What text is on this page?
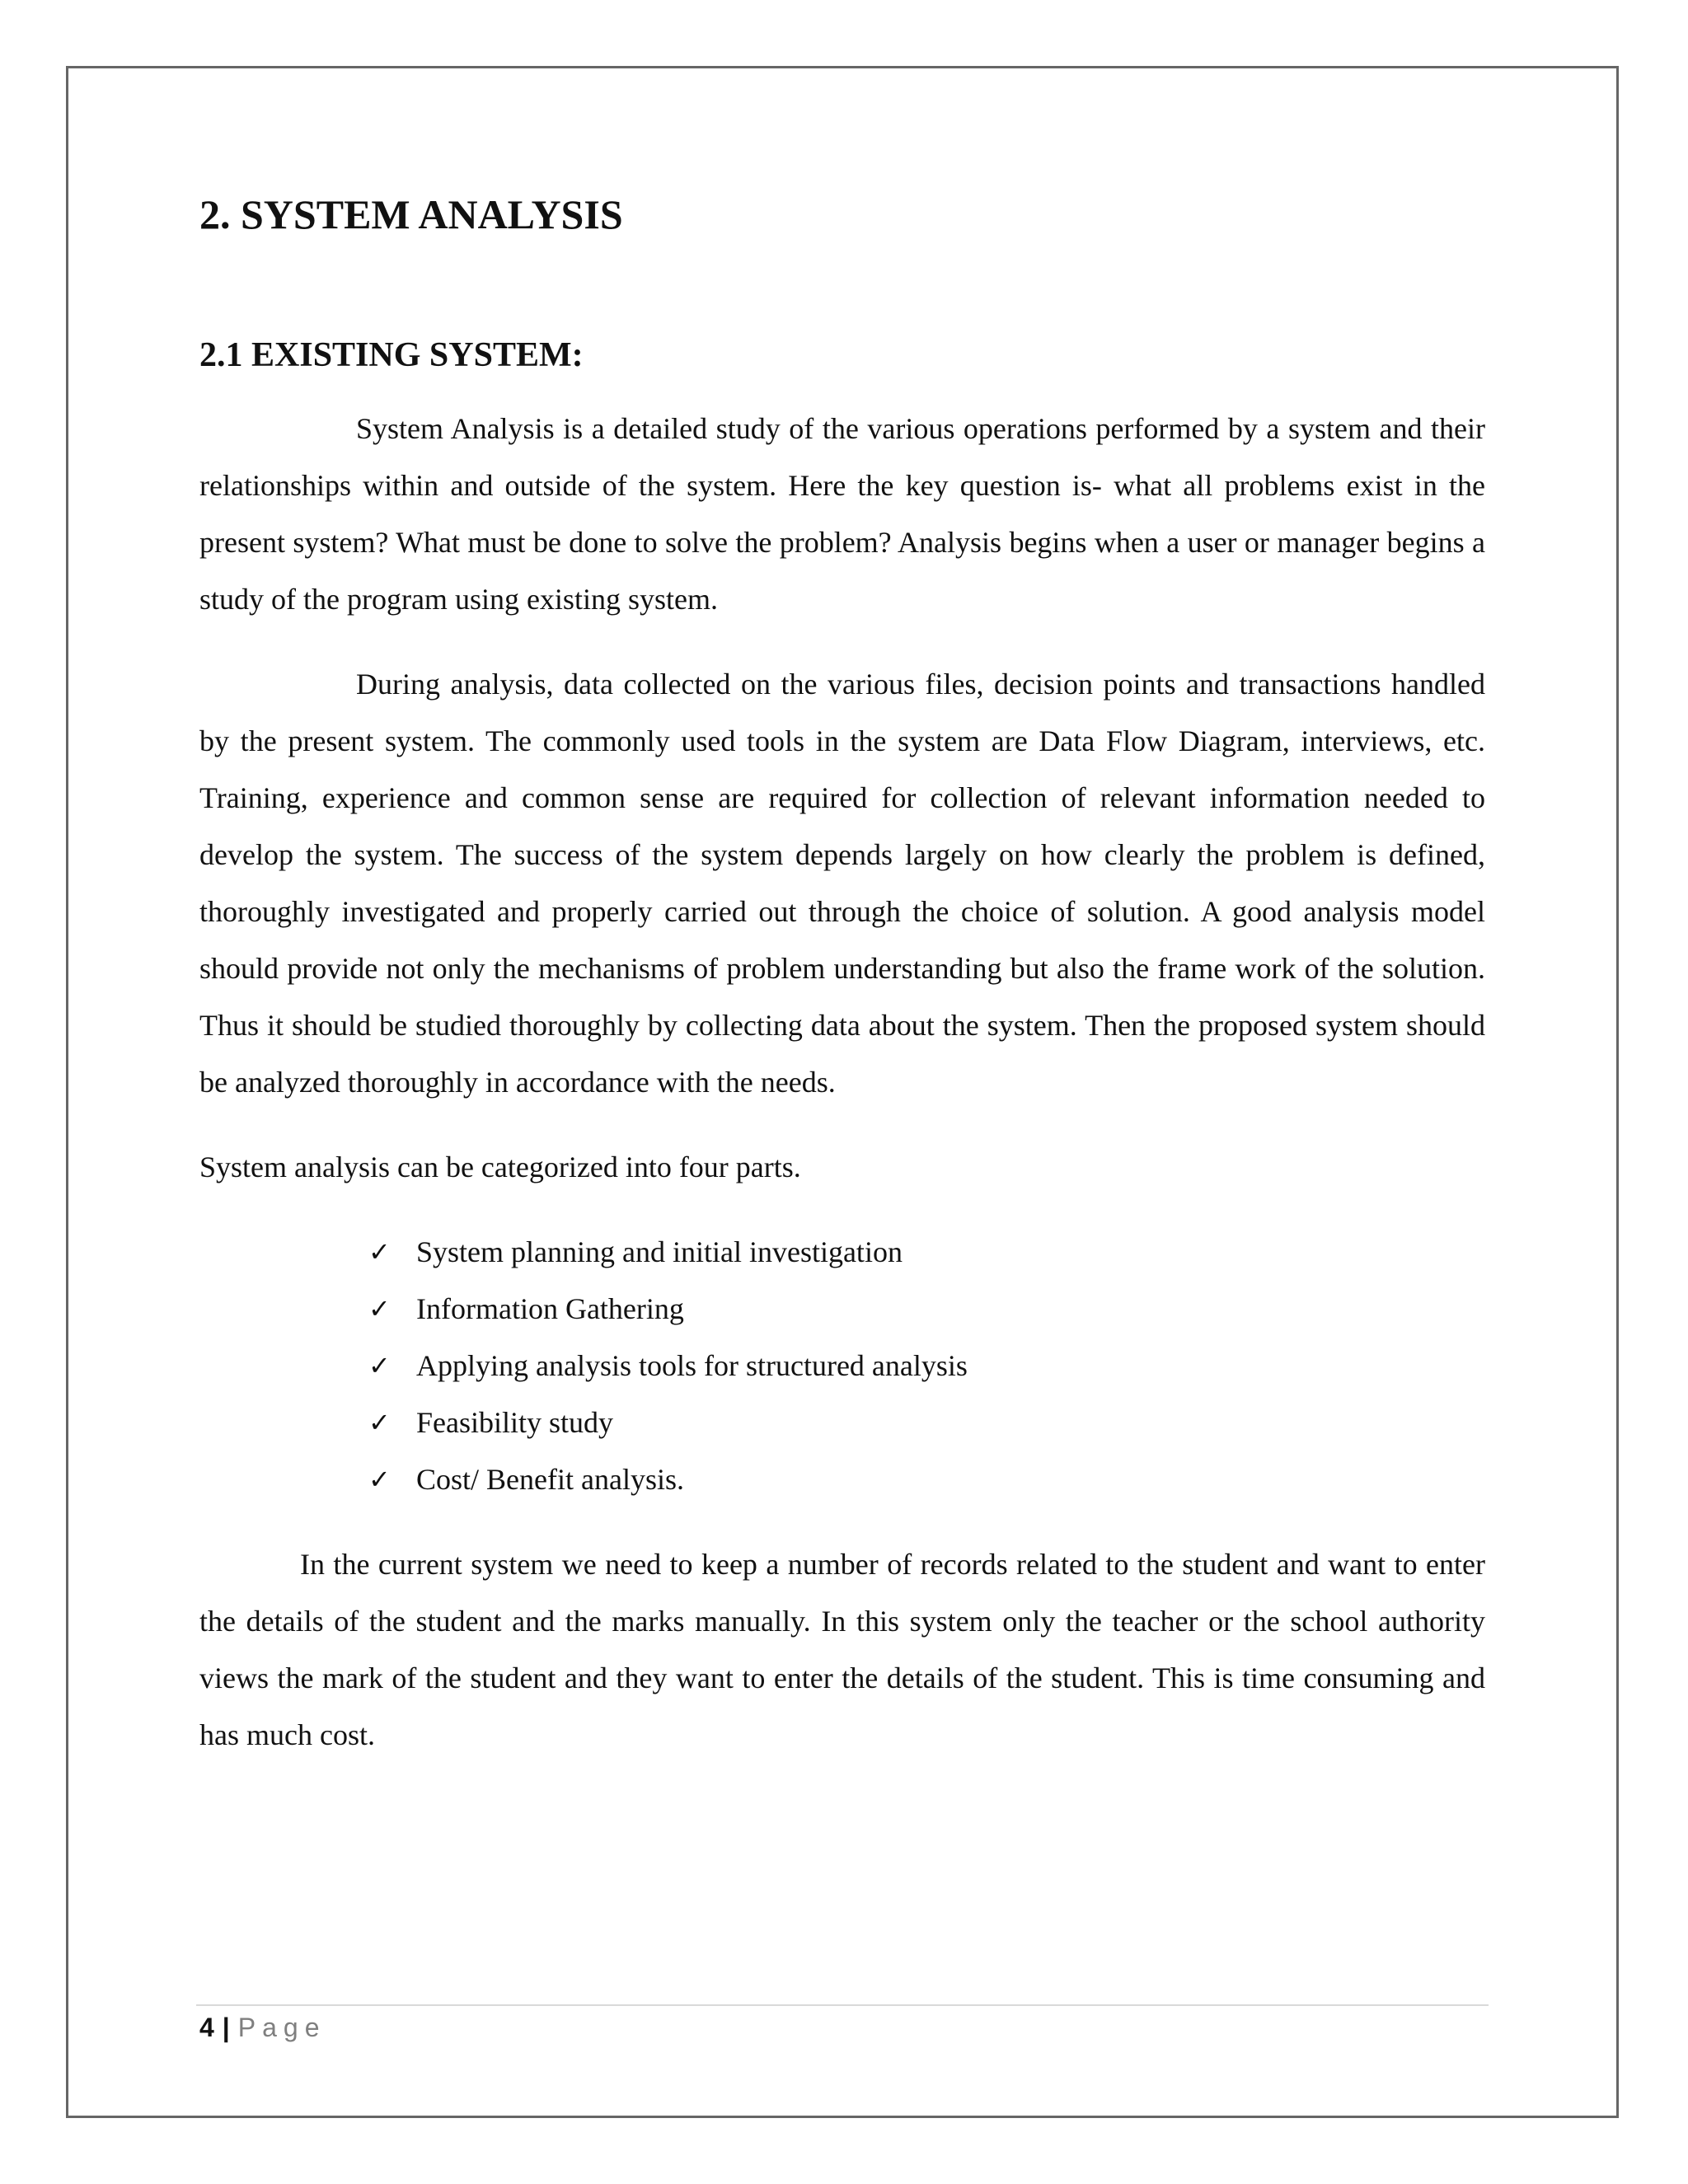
2. SYSTEM ANALYSIS
2.1 EXISTING SYSTEM:

System Analysis is a detailed study of the various operations performed by a system and their relationships within and outside of the system. Here the key question is- what all problems exist in the present system? What must be done to solve the problem? Analysis begins when a user or manager begins a study of the program using existing system.

During analysis, data collected on the various files, decision points and transactions handled by the present system. The commonly used tools in the system are Data Flow Diagram, interviews, etc. Training, experience and common sense are required for collection of relevant information needed to develop the system. The success of the system depends largely on how clearly the problem is defined, thoroughly investigated and properly carried out through the choice of solution. A good analysis model should provide not only the mechanisms of problem understanding but also the frame work of the solution. Thus it should be studied thoroughly by collecting data about the system. Then the proposed system should be analyzed thoroughly in accordance with the needs.

System analysis can be categorized into four parts.

✓ System planning and initial investigation
✓ Information Gathering
✓ Applying analysis tools for structured analysis
✓ Feasibility study
✓ Cost/ Benefit analysis.

In the current system we need to keep a number of records related to the student and want to enter the details of the student and the marks manually. In this system only the teacher or the school authority views the mark of the student and they want to enter the details of the student. This is time consuming and has much cost.

4 | Page
